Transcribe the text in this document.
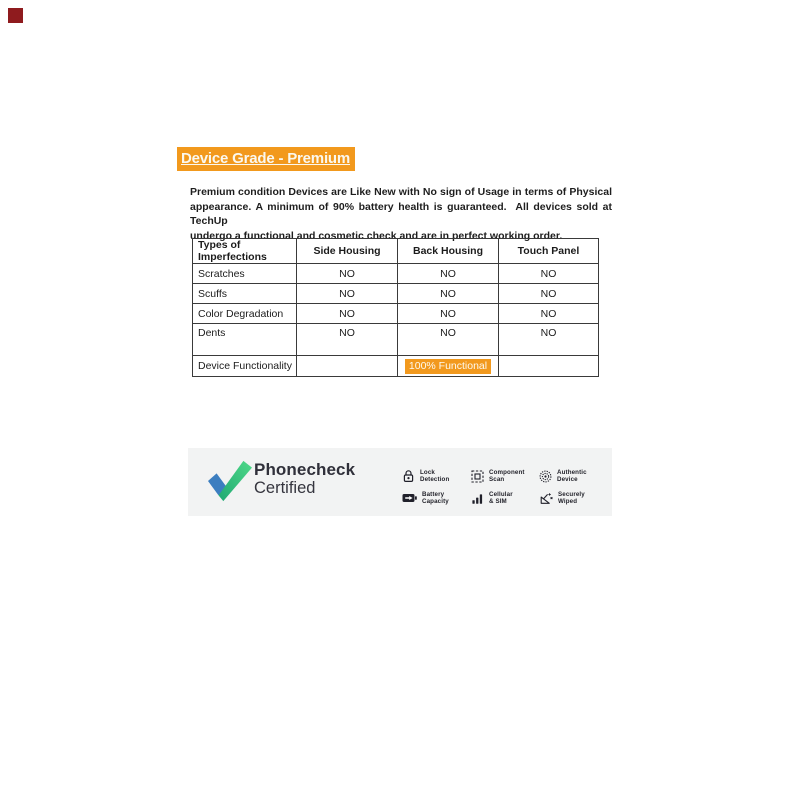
Device Grade - Premium
Premium condition Devices are Like New with No sign of Usage in terms of Physical
appearance. A minimum of 90% battery health is guaranteed.  All devices sold at TechUp
undergo a functional and cosmetic check and are in perfect working order.
Types of Imperfections	Side Housing	Back Housing	Touch Panel
Scratches	NO	NO	NO
Scuffs	NO	NO	NO
Color Degradation	NO	NO	NO
Dents	NO	NO	NO
Device Functionality		100% Functional	
Phonecheck
Certified
Lock
Detection
Component
Scan
Authentic
Device
Battery
Capacity
Cellular
& SIM
Securely
Wiped
